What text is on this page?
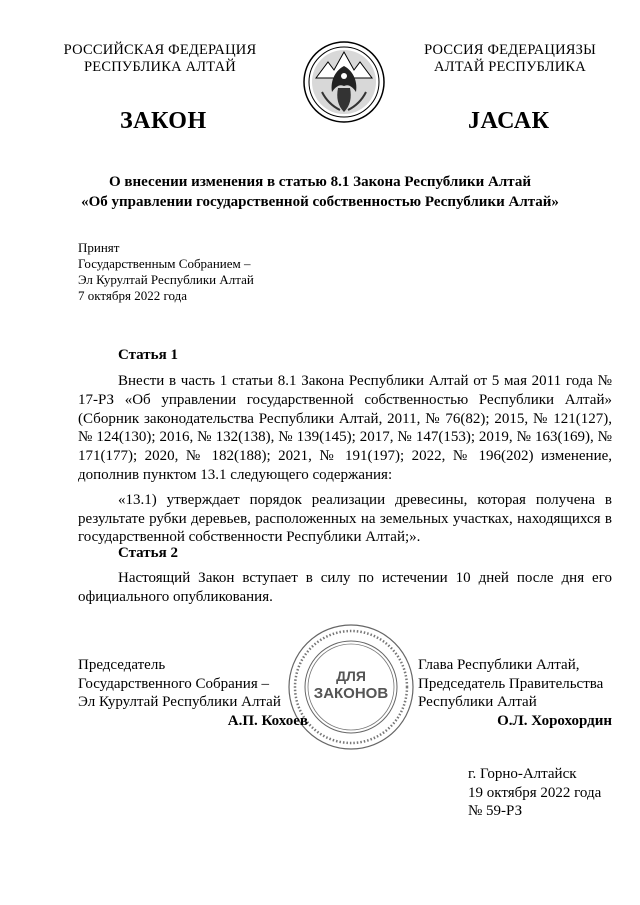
РОССИЙСКАЯ ФЕДЕРАЦИЯ
РЕСПУБЛИКА АЛТАЙ
РОССИЯ ФЕДЕРАЦИЯЗЫ
АЛТАЙ РЕСПУБЛИКА
ЗАКОН	ЈАСАК
О внесении изменения в статью 8.1 Закона Республики Алтай
«Об управлении государственной собственностью Республики Алтай»
Принят
Государственным Собранием –
Эл Курултай Республики Алтай
7 октября 2022 года
Статья 1

Внести в часть 1 статьи 8.1 Закона Республики Алтай от 5 мая 2011 года № 17-РЗ «Об управлении государственной собственностью Республики Алтай» (Сборник законодательства Республики Алтай, 2011, № 76(82); 2015, № 121(127), № 124(130); 2016, № 132(138), № 139(145); 2017, № 147(153); 2019, № 163(169), № 171(177); 2020, № 182(188); 2021, № 191(197); 2022, № 196(202) изменение, дополнив пунктом 13.1 следующего содержания:

«13.1) утверждает порядок реализации древесины, которая получена в результате рубки деревьев, расположенных на земельных участках, находящихся в государственной собственности Республики Алтай;».

Статья 2

Настоящий Закон вступает в силу по истечении 10 дней после дня его официального опубликования.

ДЛЯ
ЗАКОНОВ
Председатель
Государственного Собрания –
Эл Курултай Республики Алтай
А.П. Кохоев
Глава Республики Алтай,
Председатель Правительства
Республики Алтай
О.Л. Хорохордин
г. Горно-Алтайск
19 октября 2022 года
№ 59-РЗ
